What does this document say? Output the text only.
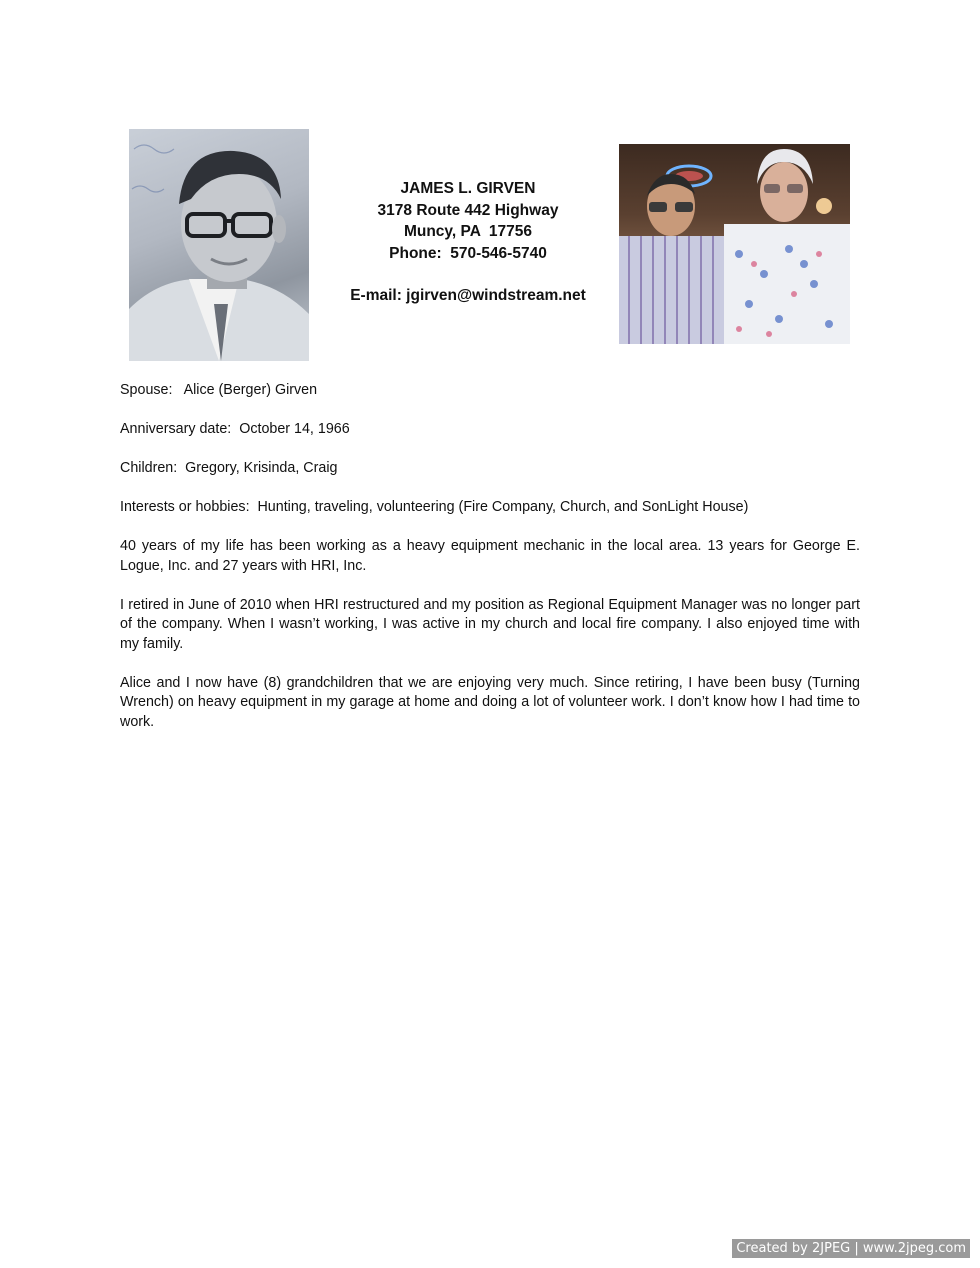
JAMES L. GIRVEN
3178 Route 442 Highway
Muncy, PA  17756
Phone:  570-546-5740
E-mail: jgirven@windstream.net

Spouse:   Alice (Berger) Girven

Anniversary date:  October 14, 1966

Children:  Gregory, Krisinda, Craig

Interests or hobbies:  Hunting, traveling, volunteering (Fire Company, Church, and SonLight House)

40 years of my life has been working as a heavy equipment mechanic in the local area. 13 years for George E. Logue, Inc. and 27 years with HRI, Inc.

I retired in June of 2010 when HRI restructured and my position as Regional Equipment Manager was no longer part of the company. When I wasn’t working, I was active in my church and local fire company. I also enjoyed time with my family.

Alice and I now have (8) grandchildren that we are enjoying very much. Since retiring, I have been busy (Turning Wrench) on heavy equipment in my garage at home and doing a lot of volunteer work. I don’t know how I had time to work.

Created by 2JPEG | www.2jpeg.com
